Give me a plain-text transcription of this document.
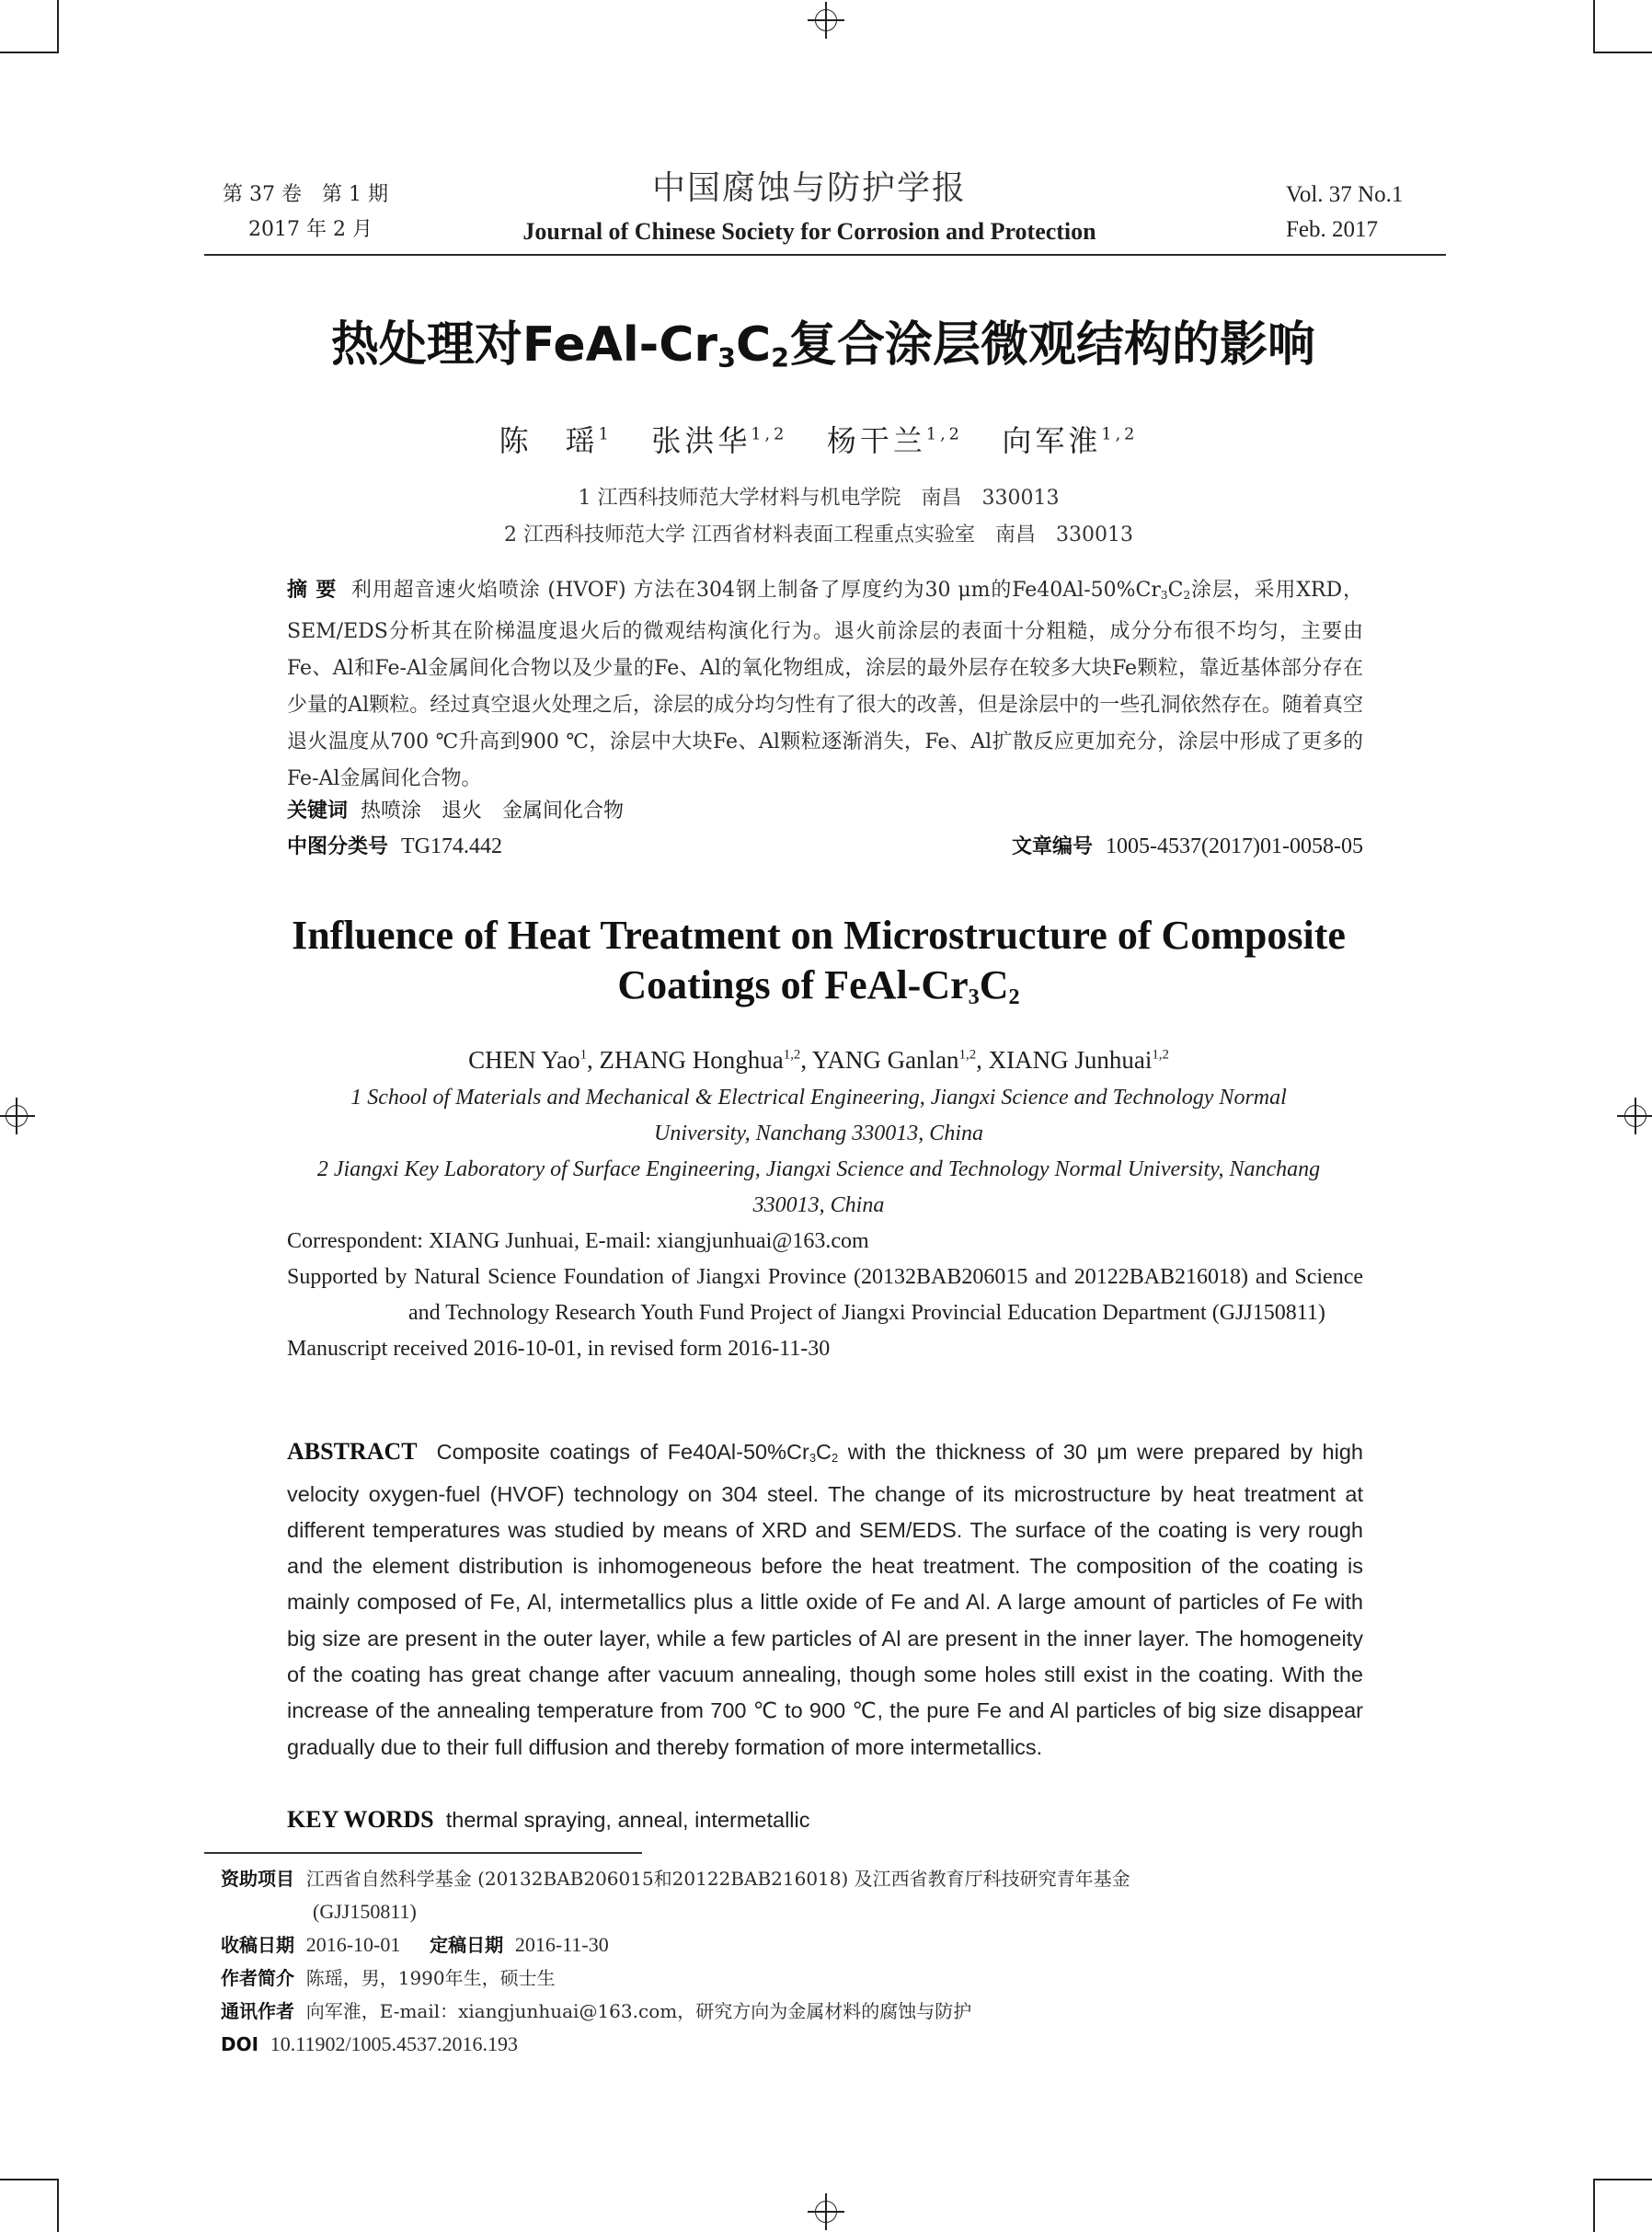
第 37 卷　第 1 期
2017 年 2 月
中国腐蚀与防护学报
Journal of Chinese Society for Corrosion and Protection
Vol. 37 No.1
Feb. 2017
热处理对FeAl-$Cr_3C_2$复合涂层微观结构的影响
陈　瑶$^1$ 张洪华$^{1,2}$ 杨干兰$^{1,2}$ 向军淮$^{1,2}$
1 江西科技师范大学材料与机电学院　南昌　330013
2 江西科技师范大学 江西省材料表面工程重点实验室　南昌　330013
摘 要 利用超音速火焰喷涂 (HVOF) 方法在304钢上制备了厚度约为30 μm的$Fe40Al-50\%Cr_3C_2$涂层，采用XRD，SEM/EDS分析其在阶梯温度退火后的微观结构演化行为。退火前涂层的表面十分粗糙，成分分布很不均匀，主要由Fe、Al和Fe-Al金属间化合物以及少量的Fe、Al的氧化物组成，涂层的最外层存在较多大块Fe颗粒，靠近基体部分存在少量的Al颗粒。经过真空退火处理之后，涂层的成分均匀性有了很大的改善，但是涂层中的一些孔洞依然存在。随着真空退火温度从700 ℃升高到900 ℃，涂层中大块Fe、Al颗粒逐渐消失，Fe、Al扩散反应更加充分，涂层中形成了更多的Fe-Al金属间化合物。
关键词 热喷涂　退火　金属间化合物
中图分类号 TG174.442	文章编号 1005-4537(2017)01-0058-05
Influence of Heat Treatment on Microstructure of Composite
Coatings of FeAl-$Cr_3C_2$
CHEN Yao$^1$, ZHANG Honghua$^{1,2}$, YANG Ganlan$^{1,2}$, XIANG Junhuai$^{1,2}$
1 School of Materials and Mechanical & Electrical Engineering, Jiangxi Science and Technology Normal University, Nanchang 330013, China
2 Jiangxi Key Laboratory of Surface Engineering, Jiangxi Science and Technology Normal University, Nanchang 330013, China
Correspondent: XIANG Junhuai, E-mail: xiangjunhuai@163.com
Supported by Natural Science Foundation of Jiangxi Province (20132BAB206015 and 20122BAB216018) and Science and Technology Research Youth Fund Project of Jiangxi Provincial Education Department (GJJ150811)
Manuscript received 2016-10-01, in revised form 2016-11-30
ABSTRACT Composite coatings of $Fe40Al-50\%Cr_3C_2$ with the thickness of 30 μm were prepared by high velocity oxygen-fuel (HVOF) technology on 304 steel. The change of its microstructure by heat treatment at different temperatures was studied by means of XRD and SEM/EDS. The surface of the coating is very rough and the element distribution is inhomogeneous before the heat treatment. The composition of the coating is mainly composed of Fe, Al, intermetallics plus a little oxide of Fe and Al. A large amount of particles of Fe with big size are present in the outer layer, while a few particles of Al are present in the inner layer. The homogeneity of the coating has great change after vacuum annealing, though some holes still exist in the coating. With the increase of the annealing temperature from 700 ℃ to 900 ℃, the pure Fe and Al particles of big size disappear gradually due to their full diffusion and thereby formation of more intermetallics.
KEY WORDS thermal spraying, anneal, intermetallic
资助项目 江西省自然科学基金 (20132BAB206015和20122BAB216018) 及江西省教育厅科技研究青年基金
(GJJ150811)
收稿日期 2016-10-01 定稿日期 2016-11-30
作者简介 陈瑶，男，1990年生，硕士生
通讯作者 向军淮，E-mail：xiangjunhuai@163.com，研究方向为金属材料的腐蚀与防护
DOI 10.11902/1005.4537.2016.193
